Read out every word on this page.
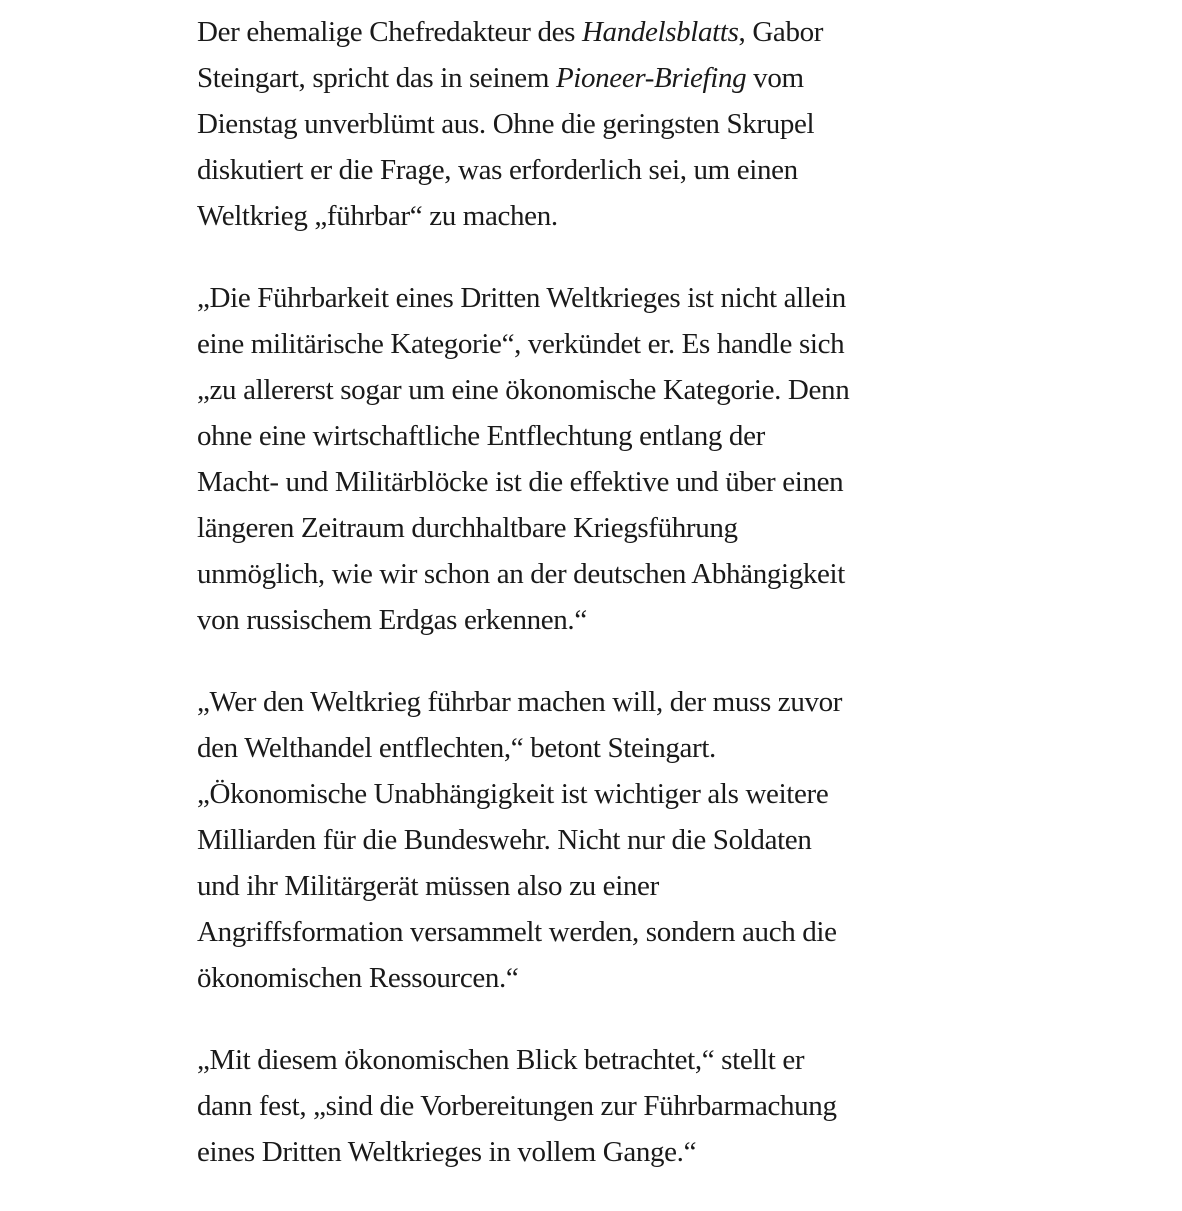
Der ehemalige Chefredakteur des Handelsblatts, Gabor
Steingart, spricht das in seinem Pioneer-Briefing vom
Dienstag unverblümt aus. Ohne die geringsten Skrupel
diskutiert er die Frage, was erforderlich sei, um einen
Weltkrieg „führbar“ zu machen.

„Die Führbarkeit eines Dritten Weltkrieges ist nicht allein
eine militärische Kategorie“, verkündet er. Es handle sich
„zu allererst sogar um eine ökonomische Kategorie. Denn
ohne eine wirtschaftliche Entflechtung entlang der
Macht- und Militärblöcke ist die effektive und über einen
längeren Zeitraum durchhaltbare Kriegsführung
unmöglich, wie wir schon an der deutschen Abhängigkeit
von russischem Erdgas erkennen.“

„Wer den Weltkrieg führbar machen will, der muss zuvor
den Welthandel entflechten,“ betont Steingart.
„Ökonomische Unabhängigkeit ist wichtiger als weitere
Milliarden für die Bundeswehr. Nicht nur die Soldaten
und ihr Militärgerät müssen also zu einer
Angriffsformation versammelt werden, sondern auch die
ökonomischen Ressourcen.“

„Mit diesem ökonomischen Blick betrachtet,“ stellt er
dann fest, „sind die Vorbereitungen zur Führbarmachung
eines Dritten Weltkrieges in vollem Gange.“
